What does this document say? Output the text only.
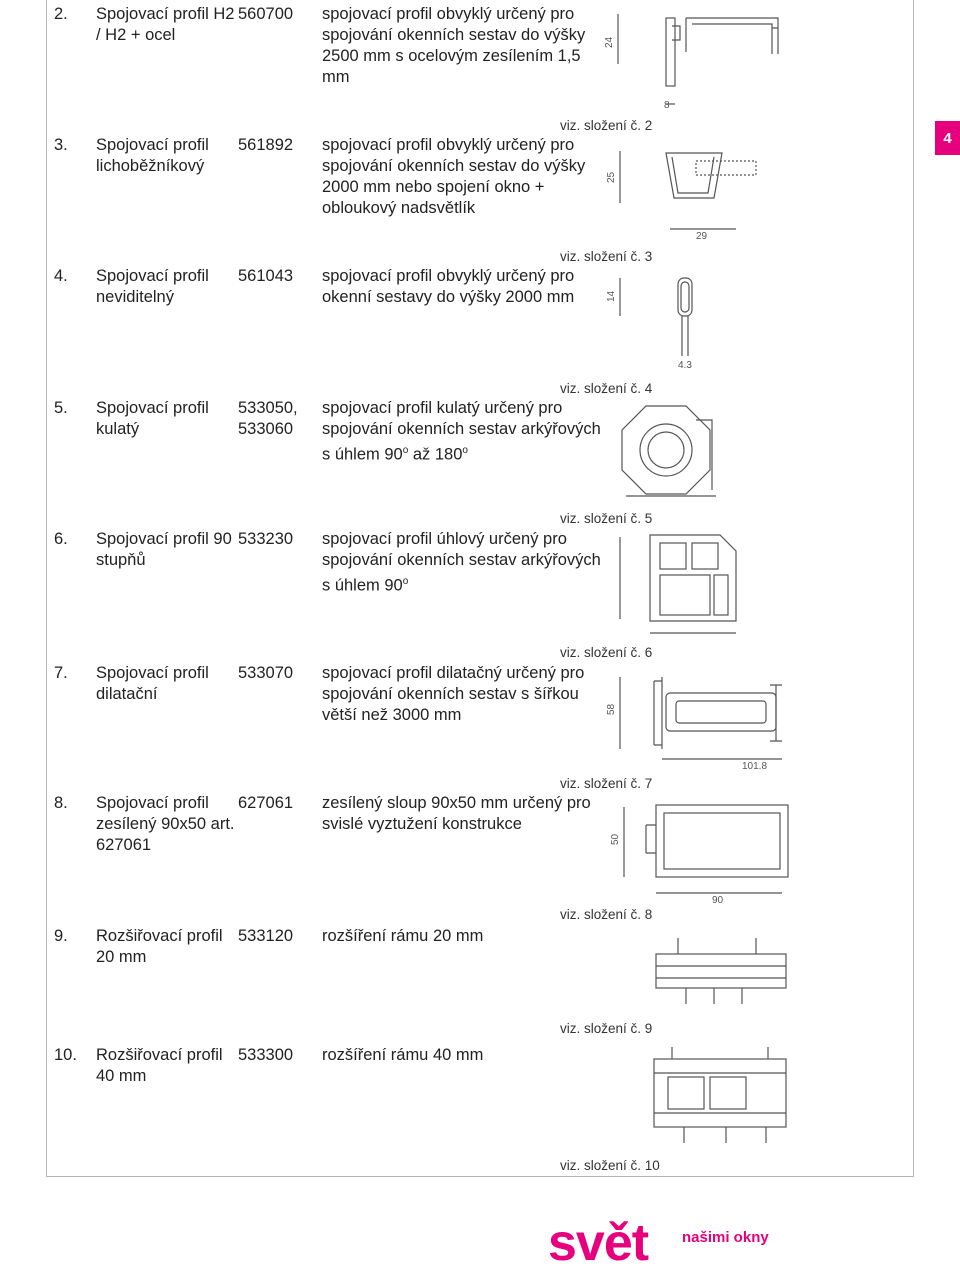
4
2. Spojovací profil H2 / H2 + ocel
560700	spojovací profil obvyklý určený pro spojování okenních sestav do výšky 2500 mm s ocelovým zesílením 1,5 mm
24
8
viz. složení č. 2
3. Spojovací profil lichoběžníkový
561892	spojovací profil obvyklý určený pro spojování okenních sestav do výšky 2000 mm nebo spojení okno + obloukový nadsvětlík
25
29
viz. složení č. 3
4. Spojovací profil neviditelný
561043	spojovací profil obvyklý určený pro okenní sestavy do výšky 2000 mm	14
4.3
viz. složení č. 4
5. Spojovací profil kulatý
533050, 533060
spojovací profil kulatý určený pro spojování okenních sestav arkýřových s úhlem 90$^o$ až 180$^o$
viz. složení č. 5
6. Spojovací profil 90 stupňů
533230	spojovací profil úhlový určený pro spojování okenních sestav arkýřových s úhlem 90$^o$
viz. složení č. 6
7. Spojovací profil dilatační
533070	spojovací profil dilatačný určený pro spojování okenních sestav s šířkou větší než 3000 mm	58
101.8
viz. složení č. 7
8. Spojovací profil zesílený 90x50 art. 627061
627061	zesílený sloup 90x50 mm určený pro svislé vyztužení konstrukce
50
90
viz. složení č. 8
9. Rozšiřovací profil 20 mm
533120	rozšíření rámu 20 mm
viz. složení č. 9
10. Rozšiřovací profil 40 mm
533300	rozšíření rámu 40 mm
viz. složení č. 10
svět našimi okny
